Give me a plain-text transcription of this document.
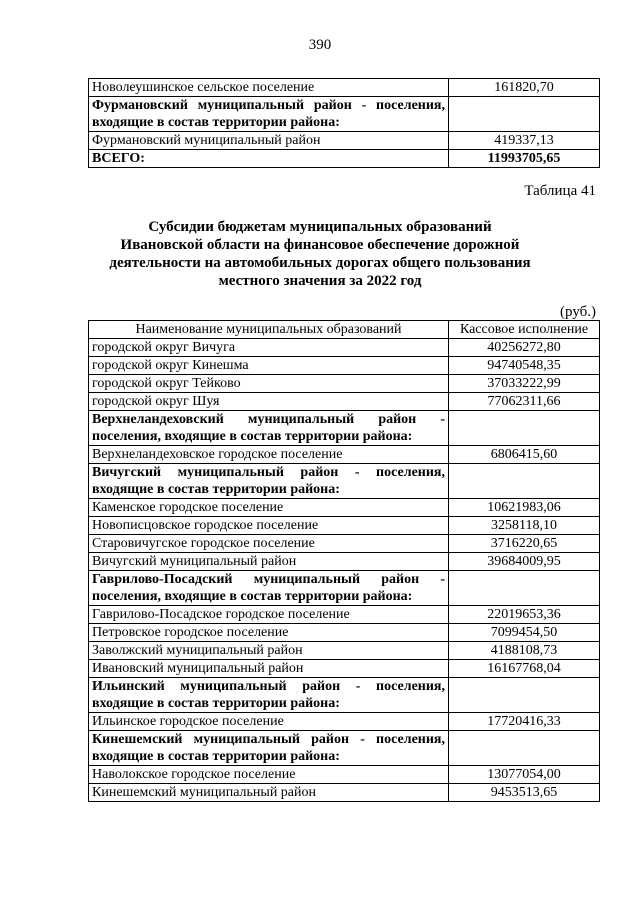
390
Новолеушинское сельское поселение	161820,70
Фурмановский муниципальный район - поселения, входящие в состав территории района:	
Фурмановский муниципальный район	419337,13
ВСЕГО:	11993705,65
Таблица 41
Субсидии бюджетам муниципальных образований
Ивановской области на финансовое обеспечение дорожной
деятельности на автомобильных дорогах общего пользования
местного значения за 2022 год
(руб.)
Наименование муниципальных образований	Кассовое исполнение
городской округ Вичуга	40256272,80
городской округ Кинешма	94740548,35
городской округ Тейково	37033222,99
городской округ Шуя	77062311,66
Верхнеландеховский муниципальный район - поселения, входящие в состав территории района:	
Верхнеландеховское городское поселение	6806415,60
Вичугский муниципальный район - поселения, входящие в состав территории района:	
Каменское городское поселение	10621983,06
Новописцовское городское поселение	3258118,10
Старовичугское городское поселение	3716220,65
Вичугский муниципальный район	39684009,95
Гаврилово-Посадский муниципальный район - поселения, входящие в состав территории района:	
Гаврилово-Посадское городское поселение	22019653,36
Петровское городское поселение	7099454,50
Заволжский муниципальный район	4188108,73
Ивановский муниципальный район	16167768,04
Ильинский муниципальный район - поселения, входящие в состав территории района:	
Ильинское городское поселение	17720416,33
Кинешемский муниципальный район - поселения, входящие в состав территории района:	
Наволокское городское поселение	13077054,00
Кинешемский муниципальный район	9453513,65
